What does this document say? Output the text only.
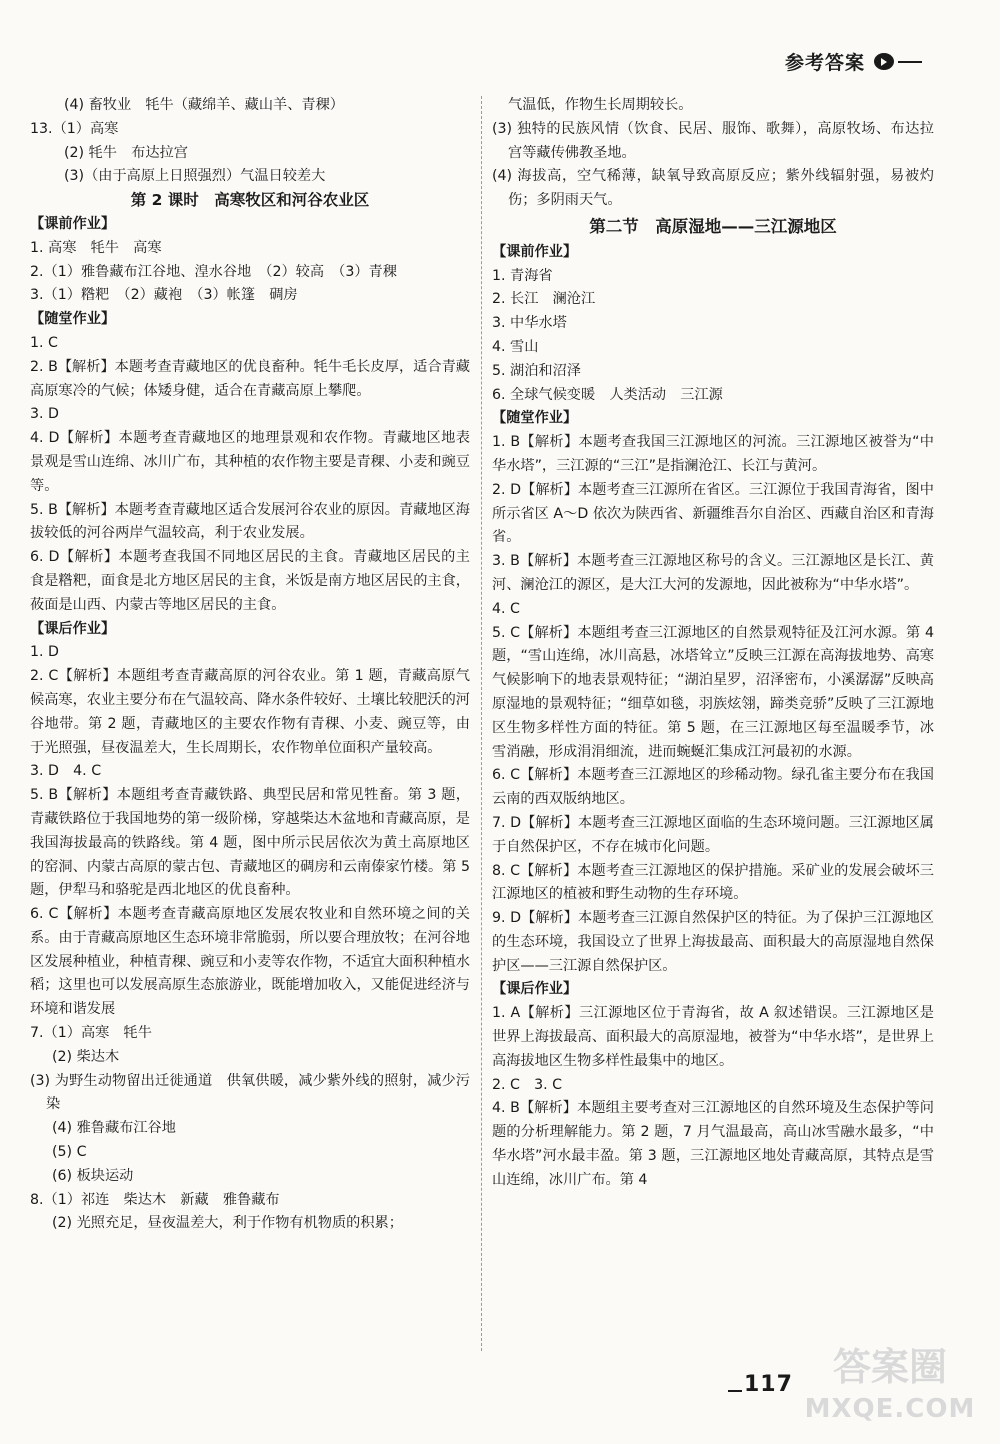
参考答案
(4) 畜牧业　牦牛（藏绵羊、藏山羊、青稞）
13.（1）高寒
(2) 牦牛　布达拉宫
(3)（由于高原上日照强烈）气温日较差大
第 2 课时　高寒牧区和河谷农业区
【课前作业】
1. 高寒　牦牛　高寒
2.（1）雅鲁藏布江谷地、湟水谷地　（2）较高　（3）青稞
3.（1）糌粑　（2）藏袍　（3）帐篷　碉房
【随堂作业】
1. C
2. B【解析】本题考查青藏地区的优良畜种。牦牛毛长皮厚，适合青藏高原寒冷的气候；体矮身健，适合在青藏高原上攀爬。
3. D
4. D【解析】本题考查青藏地区的地理景观和农作物。青藏地区地表景观是雪山连绵、冰川广布，其种植的农作物主要是青稞、小麦和豌豆等。
5. B【解析】本题考查青藏地区适合发展河谷农业的原因。青藏地区海拔较低的河谷两岸气温较高，利于农业发展。
6. D【解析】本题考查我国不同地区居民的主食。青藏地区居民的主食是糌粑，面食是北方地区居民的主食，米饭是南方地区居民的主食，莜面是山西、内蒙古等地区居民的主食。
【课后作业】
1. D
2. C【解析】本题组考查青藏高原的河谷农业。第 1 题，青藏高原气候高寒，农业主要分布在气温较高、降水条件较好、土壤比较肥沃的河谷地带。第 2 题，青藏地区的主要农作物有青稞、小麦、豌豆等，由于光照强，昼夜温差大，生长周期长，农作物单位面积产量较高。
3. D　4. C
5. B【解析】本题组考查青藏铁路、典型民居和常见牲畜。第 3 题，青藏铁路位于我国地势的第一级阶梯，穿越柴达木盆地和青藏高原，是我国海拔最高的铁路线。第 4 题，图中所示民居依次为黄土高原地区的窑洞、内蒙古高原的蒙古包、青藏地区的碉房和云南傣家竹楼。第 5 题，伊犁马和骆驼是西北地区的优良畜种。
6. C【解析】本题考查青藏高原地区发展农牧业和自然环境之间的关系。由于青藏高原地区生态环境非常脆弱，所以要合理放牧；在河谷地区发展种植业，种植青稞、豌豆和小麦等农作物，不适宜大面积种植水稻；这里也可以发展高原生态旅游业，既能增加收入，又能促进经济与环境和谐发展
7.（1）高寒　牦牛
(2) 柴达木
(3) 为野生动物留出迁徙通道　供氧供暖，减少紫外线的照射，减少污染
(4) 雅鲁藏布江谷地
(5) C
(6) 板块运动
8.（1）祁连　柴达木　新藏　雅鲁藏布
(2) 光照充足，昼夜温差大，利于作物有机物质的积累；
气温低，作物生长周期较长。
(3) 独特的民族风情（饮食、民居、服饰、歌舞），高原牧场、布达拉宫等藏传佛教圣地。
(4) 海拔高，空气稀薄，缺氧导致高原反应；紫外线辐射强，易被灼伤；多阴雨天气。
第二节　高原湿地——三江源地区
【课前作业】
1. 青海省
2. 长江　澜沧江
3. 中华水塔
4. 雪山
5. 湖泊和沼泽
6. 全球气候变暖　人类活动　三江源
【随堂作业】
1. B【解析】本题考查我国三江源地区的河流。三江源地区被誉为“中华水塔”，三江源的“三江”是指澜沧江、长江与黄河。
2. D【解析】本题考查三江源所在省区。三江源位于我国青海省，图中所示省区 A～D 依次为陕西省、新疆维吾尔自治区、西藏自治区和青海省。
3. B【解析】本题考查三江源地区称号的含义。三江源地区是长江、黄河、澜沧江的源区，是大江大河的发源地，因此被称为“中华水塔”。
4. C
5. C【解析】本题组考查三江源地区的自然景观特征及江河水源。第 4 题，“雪山连绵，冰川高悬，冰塔耸立”反映三江源在高海拔地势、高寒气候影响下的地表景观特征；“湖泊星罗，沼泽密布，小溪潺潺”反映高原湿地的景观特征；“细草如毯，羽族炫翎，蹄类竞骄”反映了三江源地区生物多样性方面的特征。第 5 题，在三江源地区每至温暖季节，冰雪消融，形成涓涓细流，进而蜿蜒汇集成江河最初的水源。
6. C【解析】本题考查三江源地区的珍稀动物。绿孔雀主要分布在我国云南的西双版纳地区。
7. D【解析】本题考查三江源地区面临的生态环境问题。三江源地区属于自然保护区，不存在城市化问题。
8. C【解析】本题考查三江源地区的保护措施。采矿业的发展会破坏三江源地区的植被和野生动物的生存环境。
9. D【解析】本题考查三江源自然保护区的特征。为了保护三江源地区的生态环境，我国设立了世界上海拔最高、面积最大的高原湿地自然保护区——三江源自然保护区。
【课后作业】
1. A【解析】三江源地区位于青海省，故 A 叙述错误。三江源地区是世界上海拔最高、面积最大的高原湿地，被誉为“中华水塔”，是世界上高海拔地区生物多样性最集中的地区。
2. C　3. C
4. B【解析】本题组主要考查对三江源地区的自然环境及生态保护等问题的分析理解能力。第 2 题，7 月气温最高，高山冰雪融水最多，“中华水塔”河水最丰盈。第 3 题，三江源地区地处青藏高原，其特点是雪山连绵，冰川广布。第 4
117	答案圈
MXQE.COM
